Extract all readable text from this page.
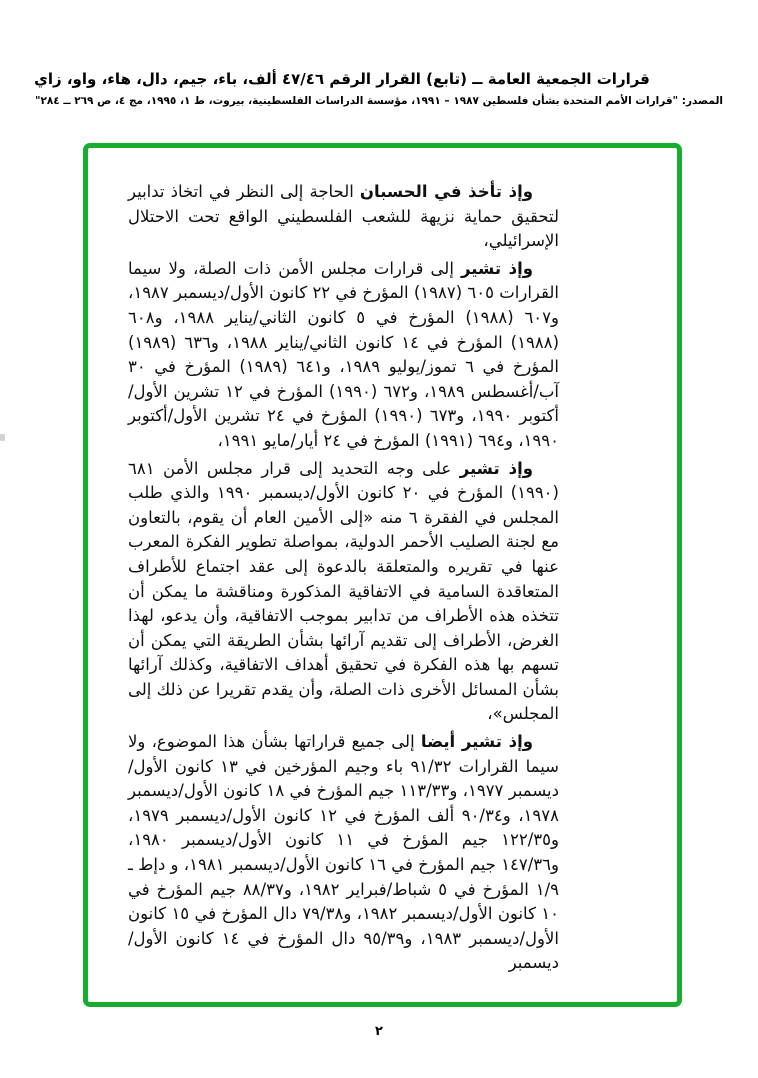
قرارات الجمعية العامة ــ (تابع) القرار الرقم ٤٧/٤٦ ألف، باء، جيم، دال، هاء، واو، زاي
المصدر: "قرارات الأمم المتحدة بشأن فلسطين ١٩٨٧ – ١٩٩١، مؤسسة الدراسات الفلسطينية، بيروت، ط ١، ١٩٩٥، مج ٤، ص ٢٦٩ ــ ٢٨٤"

وإذ تأخذ في الحسبان الحاجة إلى النظر في اتخاذ تدابير لتحقيق حماية نزيهة للشعب الفلسطيني الواقع تحت الاحتلال الإسرائيلي،

وإذ تشير إلى قرارات مجلس الأمن ذات الصلة، ولا سيما القرارات ٦٠٥ (١٩٨٧) المؤرخ في ٢٢ كانون الأول/ديسمبر ١٩٨٧، و٦٠٧ (١٩٨٨) المؤرخ في ٥ كانون الثاني/يناير ١٩٨٨، و٦٠٨ (١٩٨٨) المؤرخ في ١٤ كانون الثاني/يناير ١٩٨٨، و٦٣٦ (١٩٨٩) المؤرخ في ٦ تموز/يوليو ١٩٨٩، و٦٤١ (١٩٨٩) المؤرخ في ٣٠ آب/أغسطس ١٩٨٩، و٦٧٢ (١٩٩٠) المؤرخ في ١٢ تشرين الأول/أكتوبر ١٩٩٠، و٦٧٣ (١٩٩٠) المؤرخ في ٢٤ تشرين الأول/أكتوبر ١٩٩٠، و٦٩٤ (١٩٩١) المؤرخ في ٢٤ أيار/مايو ١٩٩١،

وإذ تشير على وجه التحديد إلى قرار مجلس الأمن ٦٨١ (١٩٩٠) المؤرخ في ٢٠ كانون الأول/ديسمبر ١٩٩٠ والذي طلب المجلس في الفقرة ٦ منه «إلى الأمين العام أن يقوم، بالتعاون مع لجنة الصليب الأحمر الدولية، بمواصلة تطوير الفكرة المعرب عنها في تقريره والمتعلقة بالدعوة إلى عقد اجتماع للأطراف المتعاقدة السامية في الاتفاقية المذكورة ومناقشة ما يمكن أن تتخذه هذه الأطراف من تدابير بموجب الاتفاقية، وأن يدعو، لهذا الغرض، الأطراف إلى تقديم آرائها بشأن الطريقة التي يمكن أن تسهم بها هذه الفكرة في تحقيق أهداف الاتفاقية، وكذلك آرائها بشأن المسائل الأخرى ذات الصلة، وأن يقدم تقريرا عن ذلك إلى المجلس»،

وإذ تشير أيضا إلى جميع قراراتها بشأن هذا الموضوع، ولا سيما القرارات ٩١/٣٢ باء وجيم المؤرخين في ١٣ كانون الأول/ديسمبر ١٩٧٧، و١١٣/٣٣ جيم المؤرخ في ١٨ كانون الأول/ديسمبر ١٩٧٨، و٩٠/٣٤ ألف المؤرخ في ١٢ كانون الأول/ديسمبر ١٩٧٩، و١٢٢/٣٥ جيم المؤرخ في ١١ كانون الأول/ديسمبر ١٩٨٠، و١٤٧/٣٦ جيم المؤرخ في ١٦ كانون الأول/ديسمبر ١٩٨١، و دإط ـ ١/٩ المؤرخ في ٥ شباط/فبراير ١٩٨٢، و٨٨/٣٧ جيم المؤرخ في ١٠ كانون الأول/ديسمبر ١٩٨٢، و٧٩/٣٨ دال المؤرخ في ١٥ كانون الأول/ديسمبر ١٩٨٣، و٩٥/٣٩ دال المؤرخ في ١٤ كانون الأول/ديسمبر

٢
